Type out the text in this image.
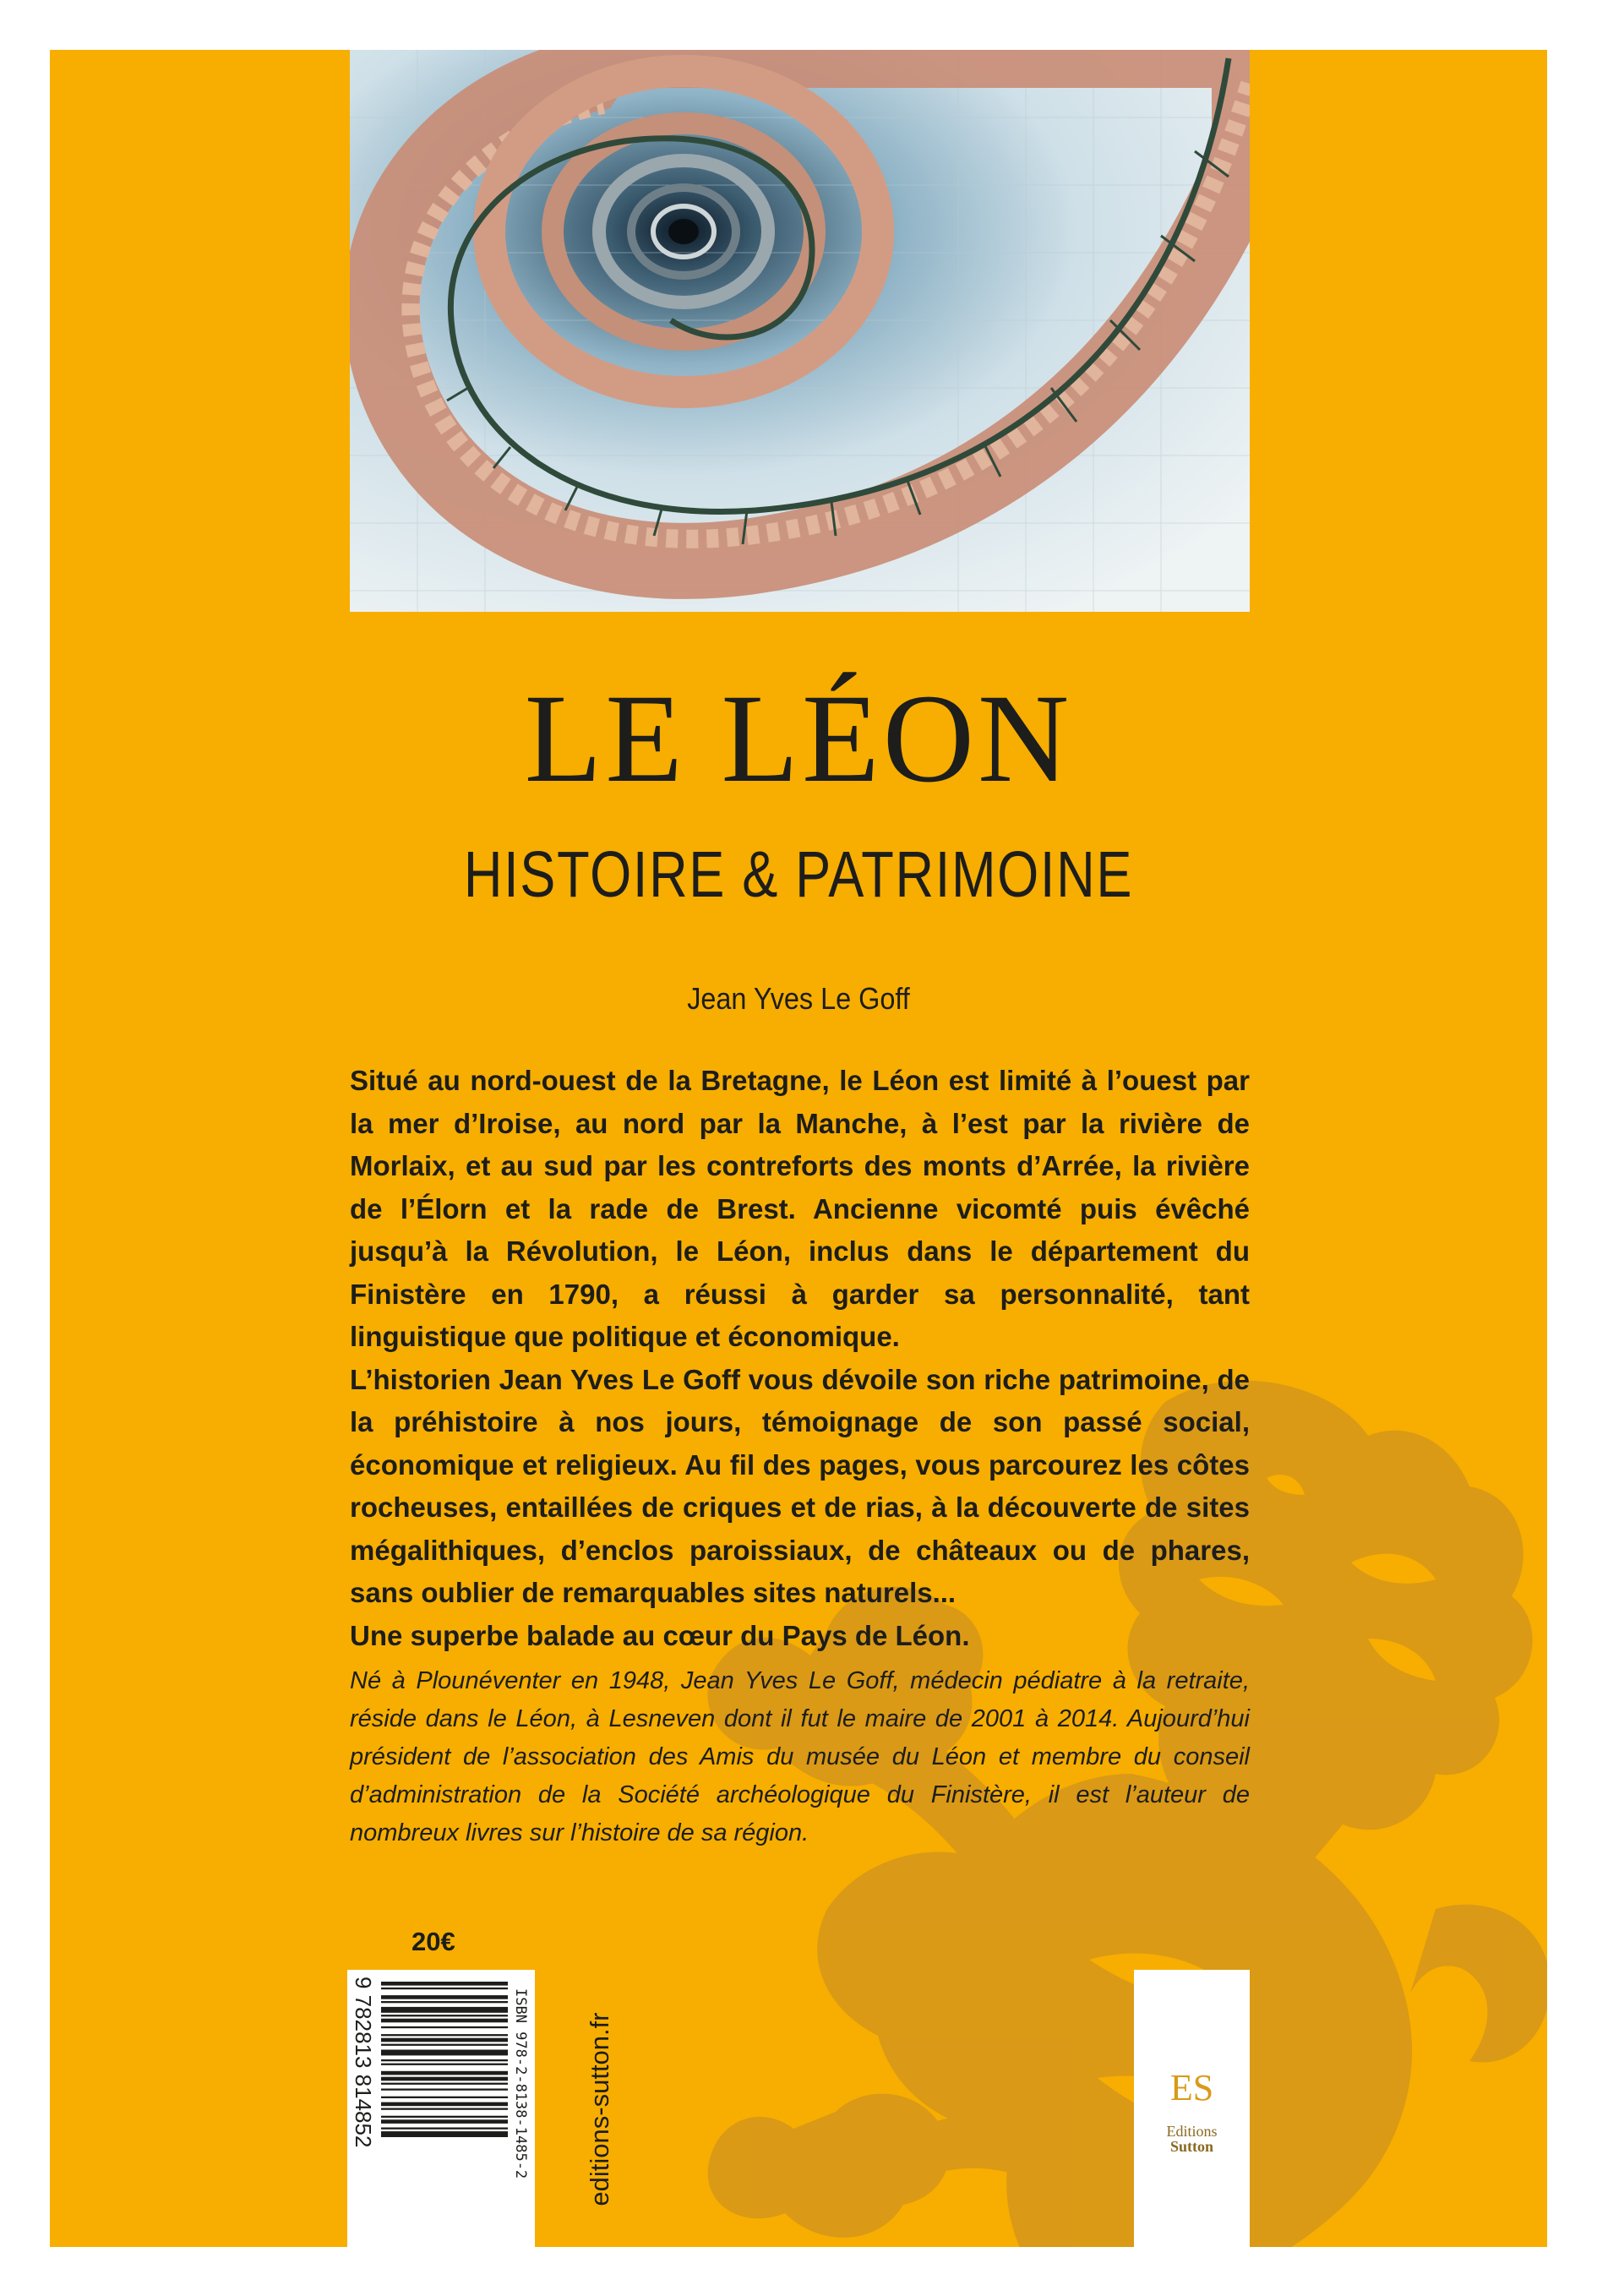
LE LÉON
HISTOIRE & PATRIMOINE
Jean Yves Le Goff

Situé au nord-ouest de la Bretagne, le Léon est limité à l’ouest par la mer d’Iroise, au nord par la Manche, à l’est par la rivière de Morlaix, et au sud par les contreforts des monts d’Arrée, la rivière de l’Élorn et la rade de Brest. Ancienne vicomté puis évêché jusqu’à la Révolution, le Léon, inclus dans le département du Finistère en 1790, a réussi à garder sa personnalité, tant linguistique que politique et économique.

L’historien Jean Yves Le Goff vous dévoile son riche patrimoine, de la préhistoire à nos jours, témoignage de son passé social, économique et religieux. Au fil des pages, vous parcourez les côtes rocheuses, entaillées de criques et de rias, à la découverte de sites mégalithiques, d’enclos paroissiaux, de châteaux ou de phares, sans oublier de remarquables sites naturels...

Une superbe balade au cœur du Pays de Léon.

Né à Plounéventer en 1948, Jean Yves Le Goff, médecin pédiatre à la retraite, réside dans le Léon, à Lesneven dont il fut le maire de 2001 à 2014. Aujourd’hui président de l’association des Amis du musée du Léon et membre du conseil d’administration de la Société archéologique du Finistère, il est l’auteur de nombreux livres sur l’histoire de sa région.
20€
ISBN 978-2-8138-1485-2
9 782813 814852	editions-sutton.fr	ES
Editions
Sutton
